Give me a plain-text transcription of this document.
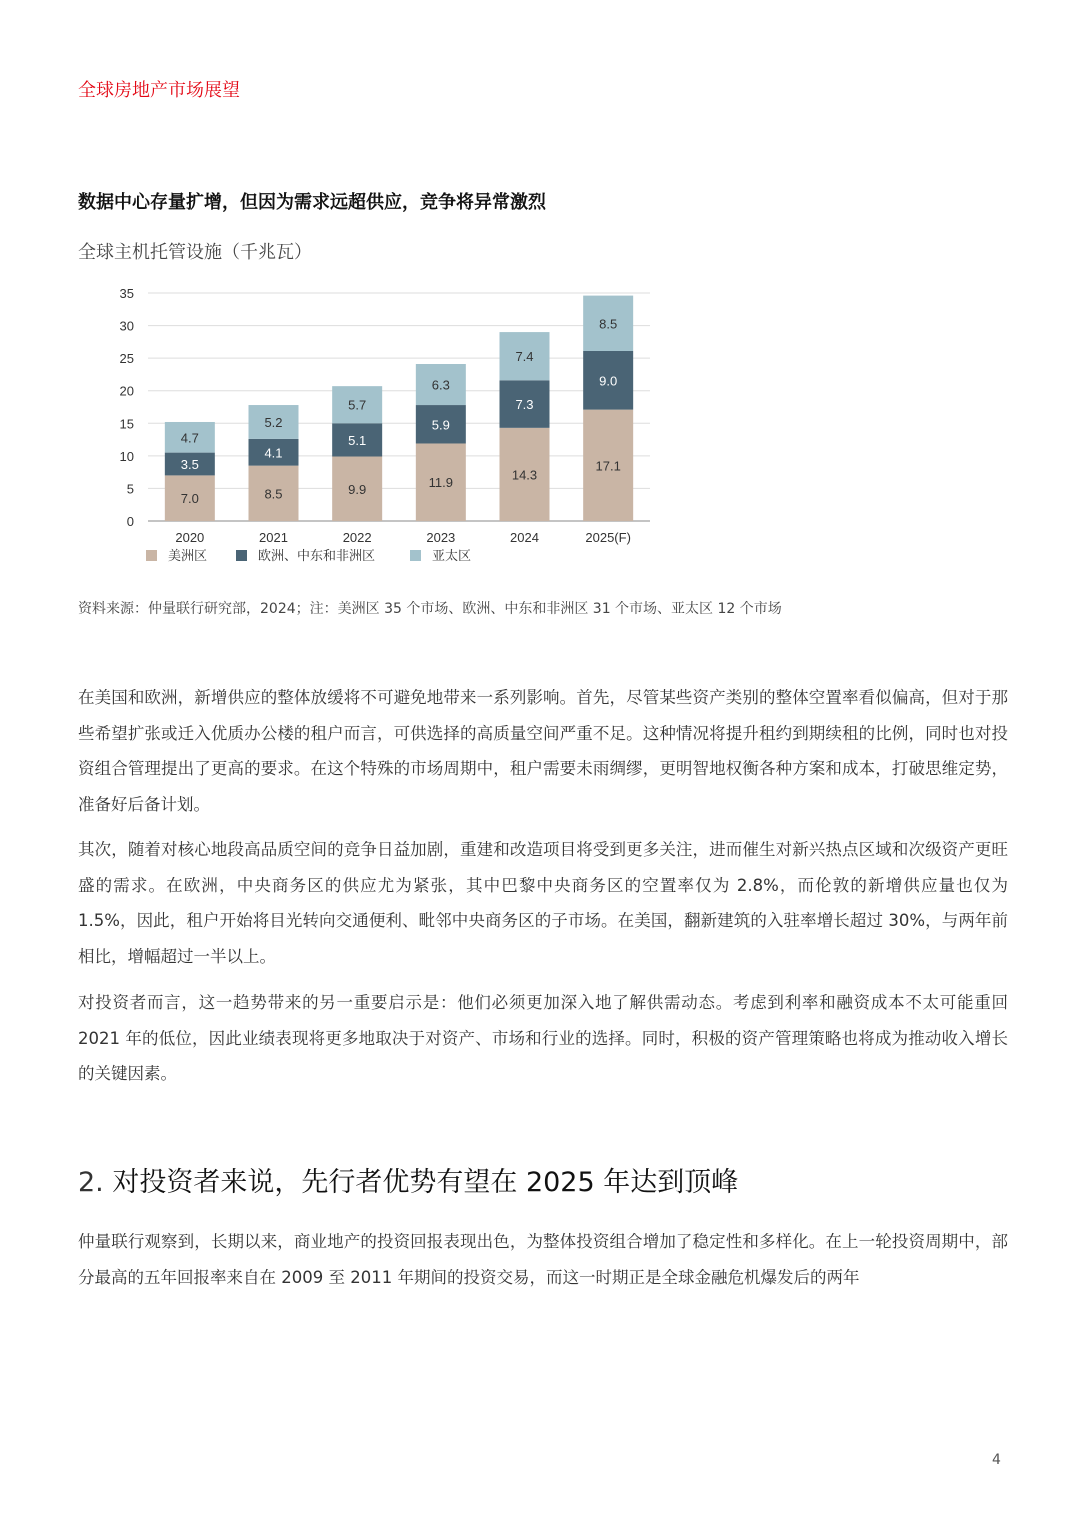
全球房地产市场展望
数据中心存量扩增，但因为需求远超供应，竞争将异常激烈
全球主机托管设施（千兆瓦）
0
5
10
15
20
25
30
35
7.0
3.5
4.7
2020
8.5
4.1
5.2
2021
9.9
5.1
5.7
2022
11.9
5.9
6.3
2023
14.3
7.3
7.4
2024
17.1
9.0
8.5
2025(F)
美洲区	欧洲、中东和非洲区	亚太区
资料来源：仲量联行研究部，2024；注：美洲区 35 个市场、欧洲、中东和非洲区 31 个市场、亚太区 12 个市场

在美国和欧洲，新增供应的整体放缓将不可避免地带来一系列影响。首先，尽管某些资产类别的整体空置率看似偏高，但对于那些希望扩张或迁入优质办公楼的租户而言，可供选择的高质量空间严重不足。这种情况将提升租约到期续租的比例，同时也对投资组合管理提出了更高的要求。在这个特殊的市场周期中，租户需要未雨绸缪，更明智地权衡各种方案和成本，打破思维定势，准备好后备计划。

其次，随着对核心地段高品质空间的竞争日益加剧，重建和改造项目将受到更多关注，进而催生对新兴热点区域和次级资产更旺盛的需求。在欧洲，中央商务区的供应尤为紧张，其中巴黎中央商务区的空置率仅为 2.8%，而伦敦的新增供应量也仅为 1.5%，因此，租户开始将目光转向交通便利、毗邻中央商务区的子市场。在美国，翻新建筑的入驻率增长超过 30%，与两年前相比，增幅超过一半以上。

对投资者而言，这一趋势带来的另一重要启示是：他们必须更加深入地了解供需动态。考虑到利率和融资成本不太可能重回 2021 年的低位，因此业绩表现将更多地取决于对资产、市场和行业的选择。同时，积极的资产管理策略也将成为推动收入增长的关键因素。

2. 对投资者来说，先行者优势有望在 2025 年达到顶峰

仲量联行观察到，长期以来，商业地产的投资回报表现出色，为整体投资组合增加了稳定性和多样化。在上一轮投资周期中，部分最高的五年回报率来自在 2009 至 2011 年期间的投资交易，而这一时期正是全球金融危机爆发后的两年

4
